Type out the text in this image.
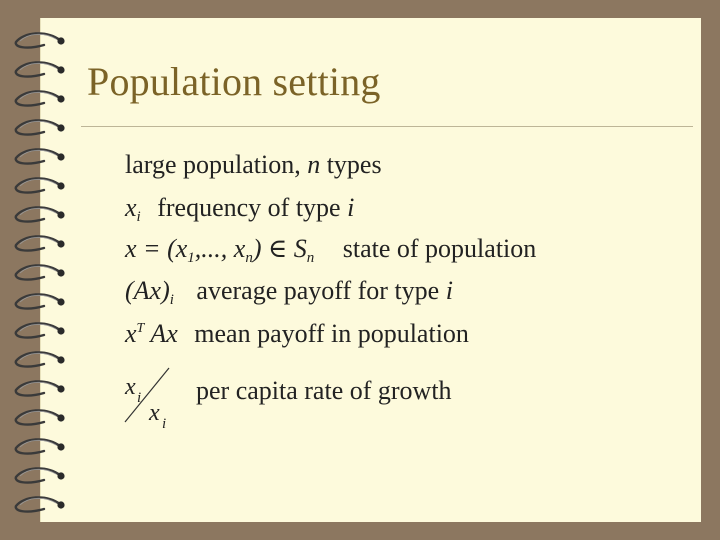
Population setting
large population, n types
xi frequency of type i
x = (x1,..., xn) ∈ Sn state of population
(Ax)i average payoff for type i
$x^T$ Ax mean payoff in population
x i
x i
per capita rate of growth
